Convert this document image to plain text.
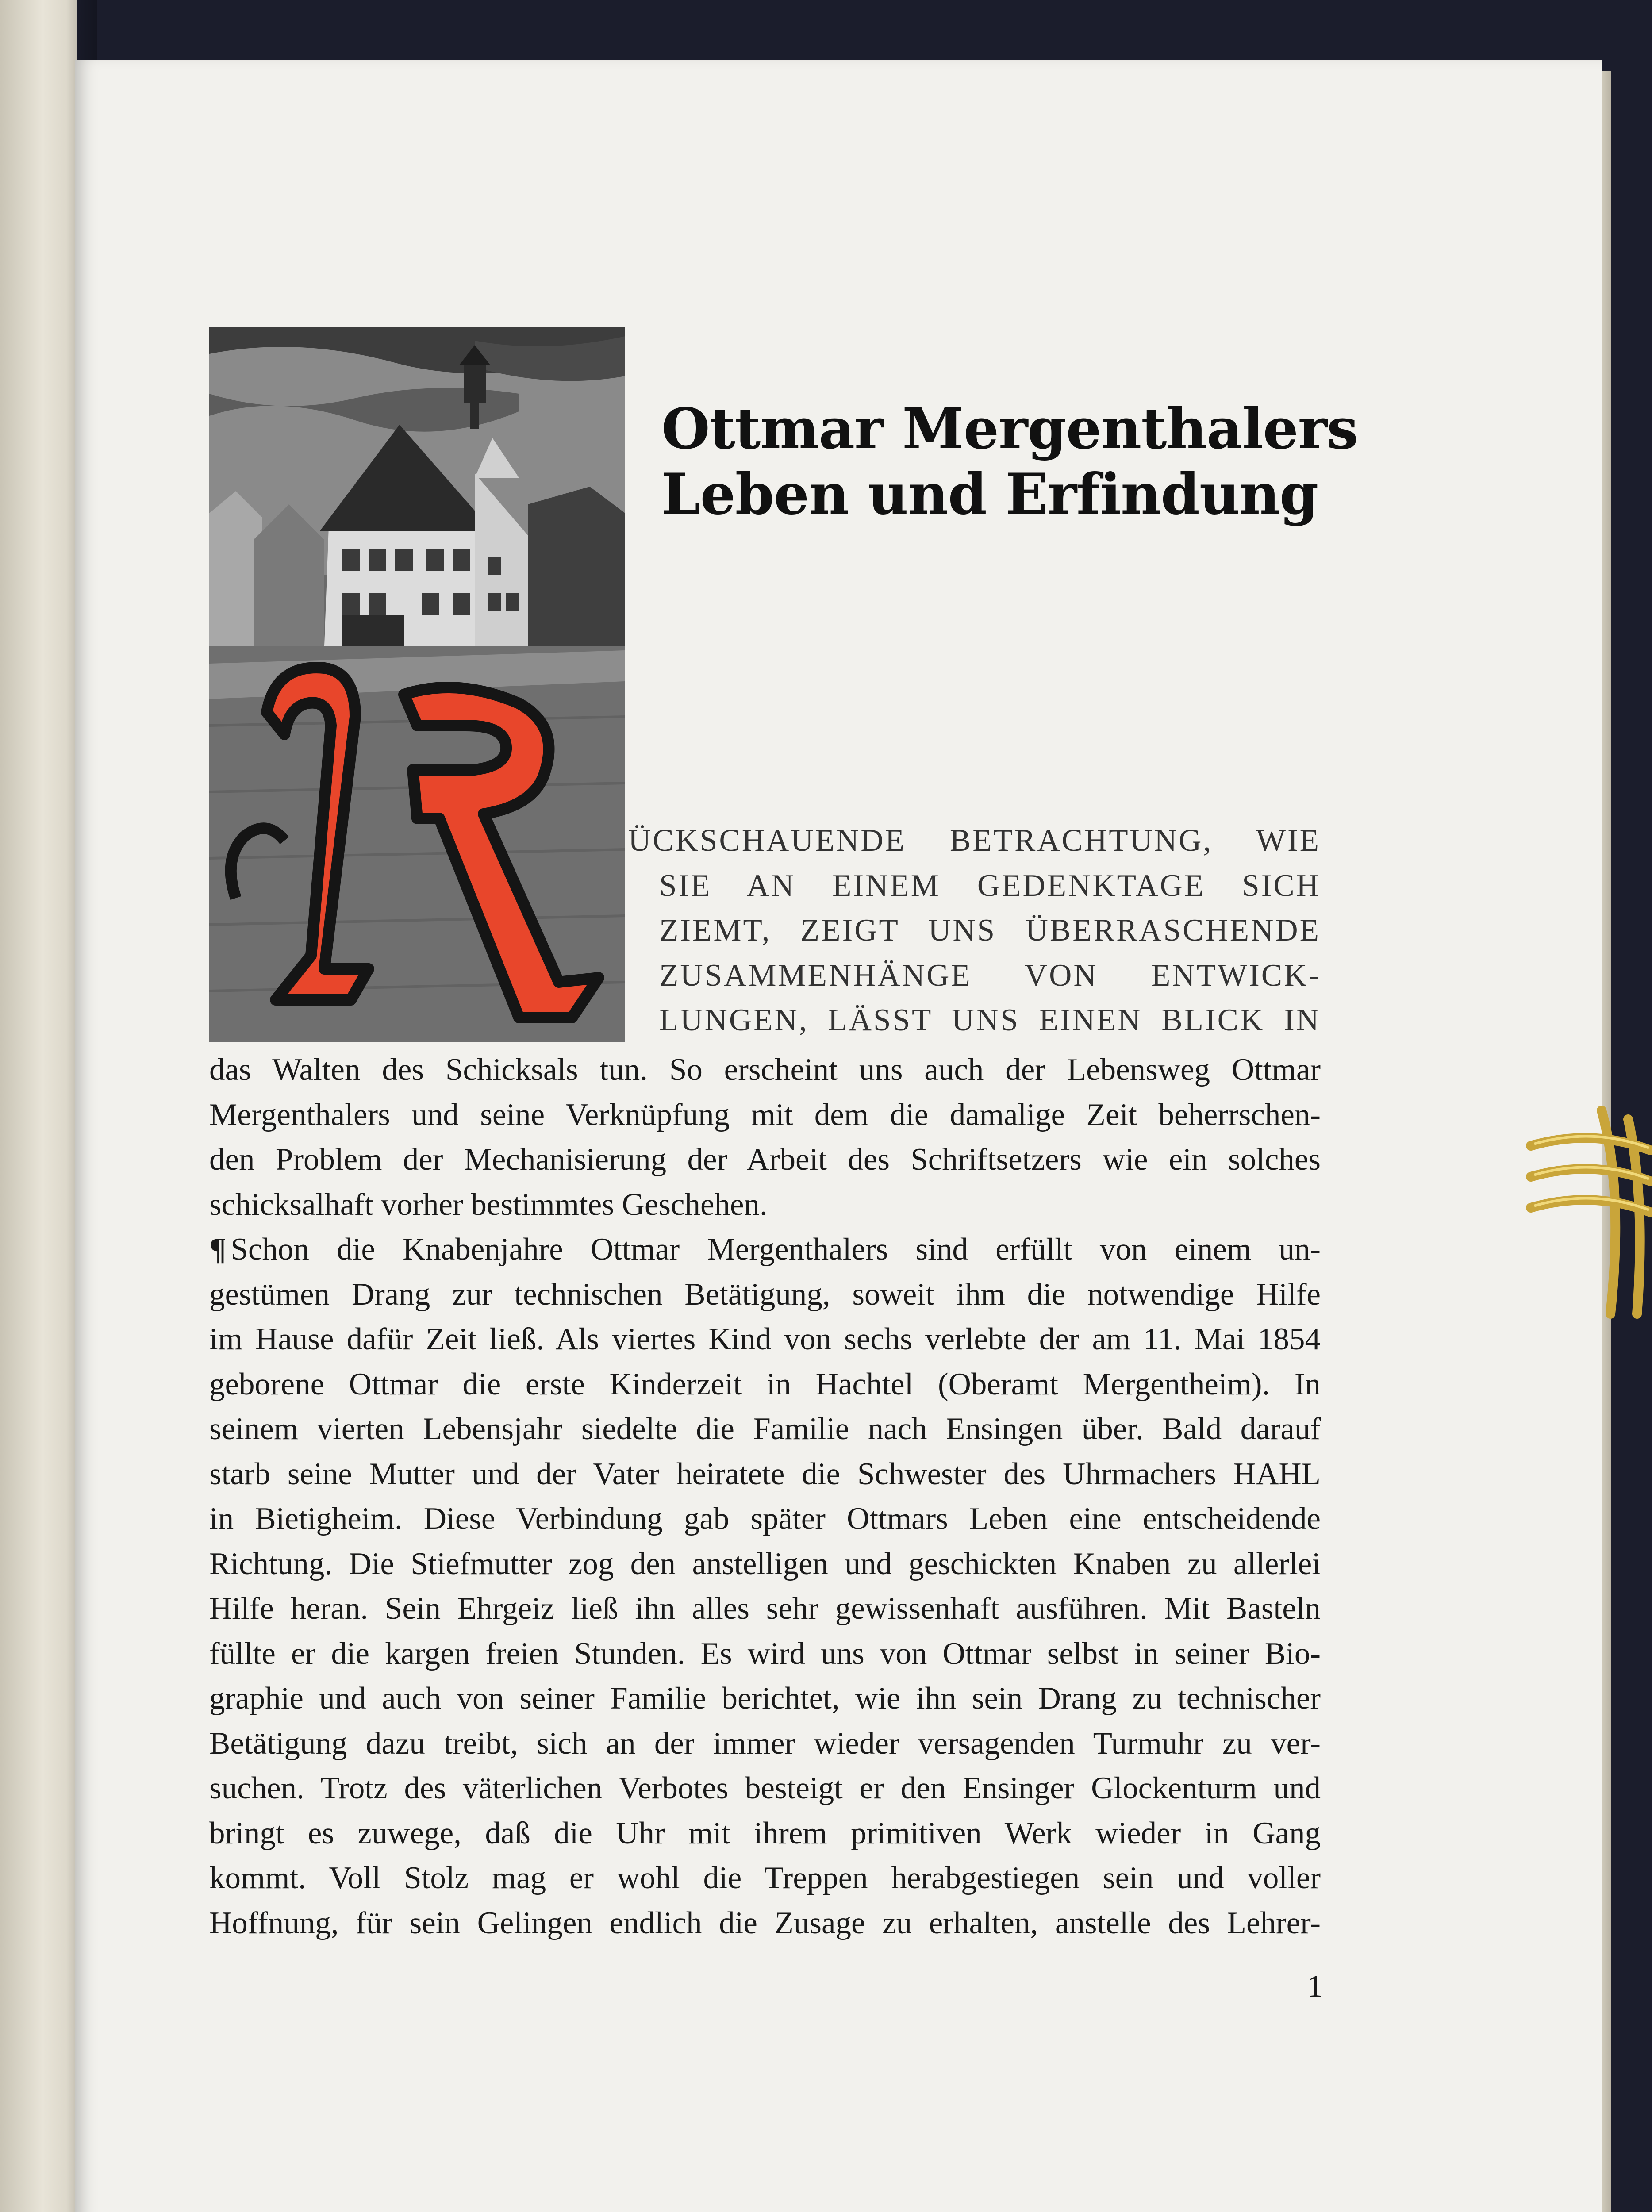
Ottmar Mergenthalers
Leben und Erfindung
ÜCKSCHAUENDE BETRACHTUNG, WIE
SIE AN EINEM GEDENKTAGE SICH
ZIEMT, ZEIGT UNS ÜBERRASCHENDE
ZUSAMMENHÄNGE VON ENTWICK-
LUNGEN, LÄSST UNS EINEN BLICK IN
das Walten des Schicksals tun. So erscheint uns auch der Lebensweg Ottmar
Mergenthalers und seine Verknüpfung mit dem die damalige Zeit beherrschen-
den Problem der Mechanisierung der Arbeit des Schriftsetzers wie ein solches
schicksalhaft vorher bestimmtes Geschehen.
¶ Schon die Knabenjahre Ottmar Mergenthalers sind erfüllt von einem un-
gestümen Drang zur technischen Betätigung, soweit ihm die notwendige Hilfe
im Hause dafür Zeit ließ. Als viertes Kind von sechs verlebte der am 11. Mai 1854
geborene Ottmar die erste Kinderzeit in Hachtel (Oberamt Mergentheim). In
seinem vierten Lebensjahr siedelte die Familie nach Ensingen über. Bald darauf
starb seine Mutter und der Vater heiratete die Schwester des Uhrmachers HAHL
in Bietigheim. Diese Verbindung gab später Ottmars Leben eine entscheidende
Richtung. Die Stiefmutter zog den anstelligen und geschickten Knaben zu allerlei
Hilfe heran. Sein Ehrgeiz ließ ihn alles sehr gewissenhaft ausführen. Mit Basteln
füllte er die kargen freien Stunden. Es wird uns von Ottmar selbst in seiner Bio-
graphie und auch von seiner Familie berichtet, wie ihn sein Drang zu technischer
Betätigung dazu treibt, sich an der immer wieder versagenden Turmuhr zu ver-
suchen. Trotz des väterlichen Verbotes besteigt er den Ensinger Glockenturm und
bringt es zuwege, daß die Uhr mit ihrem primitiven Werk wieder in Gang
kommt. Voll Stolz mag er wohl die Treppen herabgestiegen sein und voller
Hoffnung, für sein Gelingen endlich die Zusage zu erhalten, anstelle des Lehrer-
1
